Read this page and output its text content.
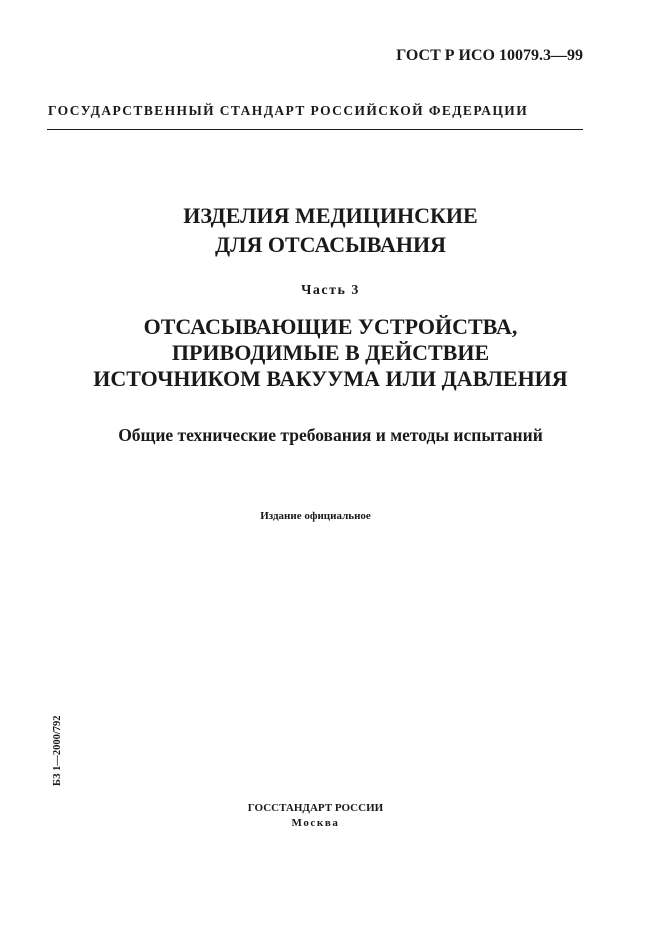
ГОСТ Р ИСО 10079.3—99
ГОСУДАРСТВЕННЫЙ СТАНДАРТ РОССИЙСКОЙ ФЕДЕРАЦИИ
ИЗДЕЛИЯ МЕДИЦИНСКИЕ
ДЛЯ ОТСАСЫВАНИЯ
Часть 3
ОТСАСЫВАЮЩИЕ УСТРОЙСТВА,
ПРИВОДИМЫЕ В ДЕЙСТВИЕ
ИСТОЧНИКОМ ВАКУУМА ИЛИ ДАВЛЕНИЯ
Общие технические требования и методы испытаний
Издание официальное
БЗ 1—2000/792
ГОССТАНДАРТ РОССИИ
Москва
